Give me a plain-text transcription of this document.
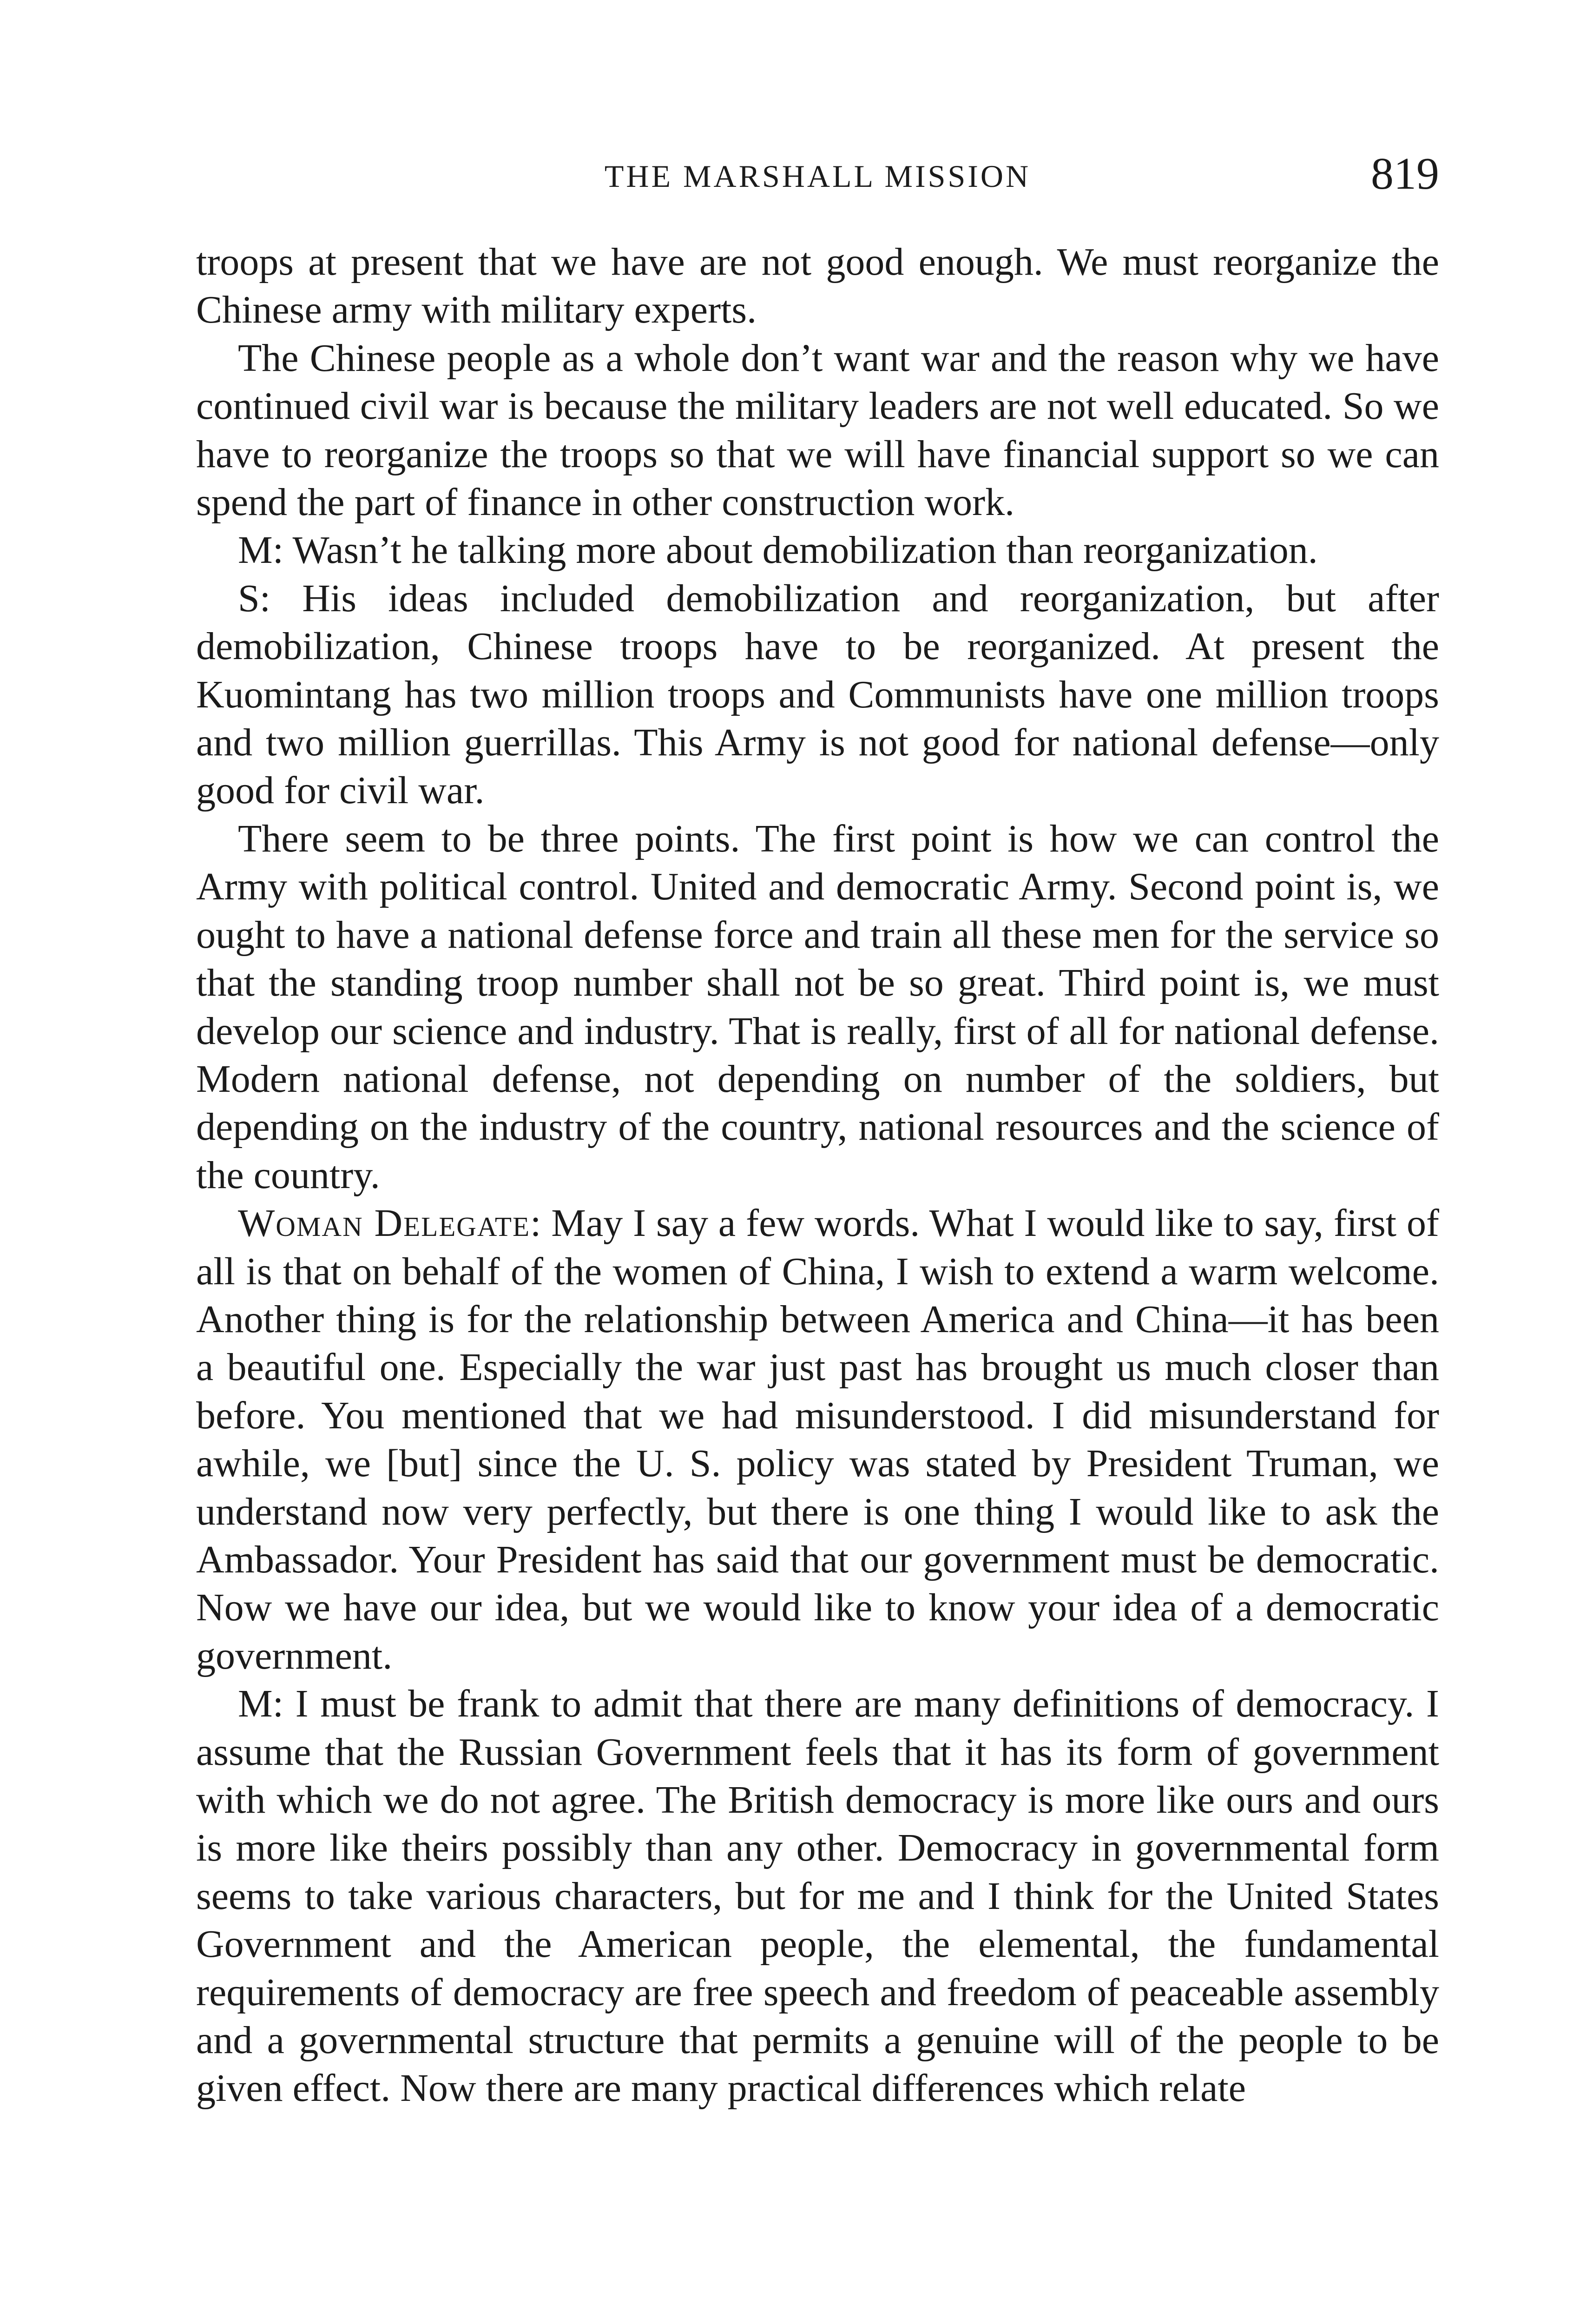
THE MARSHALL MISSION	819

troops at present that we have are not good enough. We must reorganize the Chinese army with military experts.

The Chinese people as a whole don’t want war and the reason why we have continued civil war is because the military leaders are not well educated. So we have to reorganize the troops so that we will have financial support so we can spend the part of finance in other construction work.

M: Wasn’t he talking more about demobilization than reorganization.

S: His ideas included demobilization and reorganization, but after demobilization, Chinese troops have to be reorganized. At present the Kuomintang has two million troops and Communists have one million troops and two million guerrillas. This Army is not good for national defense—only good for civil war.

There seem to be three points. The first point is how we can control the Army with political control. United and democratic Army. Second point is, we ought to have a national defense force and train all these men for the service so that the standing troop number shall not be so great. Third point is, we must develop our science and industry. That is really, first of all for national defense. Modern national defense, not depending on number of the soldiers, but depending on the industry of the country, national resources and the science of the country.

Woman Delegate: May I say a few words. What I would like to say, first of all is that on behalf of the women of China, I wish to extend a warm welcome. Another thing is for the relationship between America and China—it has been a beautiful one. Especially the war just past has brought us much closer than before. You mentioned that we had misunderstood. I did misunderstand for awhile, we [but] since the U. S. policy was stated by President Truman, we understand now very perfectly, but there is one thing I would like to ask the Ambassador. Your President has said that our government must be democratic. Now we have our idea, but we would like to know your idea of a democratic government.

M: I must be frank to admit that there are many definitions of democracy. I assume that the Russian Government feels that it has its form of government with which we do not agree. The British democracy is more like ours and ours is more like theirs possibly than any other. Democracy in governmental form seems to take various characters, but for me and I think for the United States Government and the American people, the elemental, the fundamental requirements of democracy are free speech and freedom of peaceable assembly and a governmental structure that permits a genuine will of the people to be given effect. Now there are many practical differences which relate
